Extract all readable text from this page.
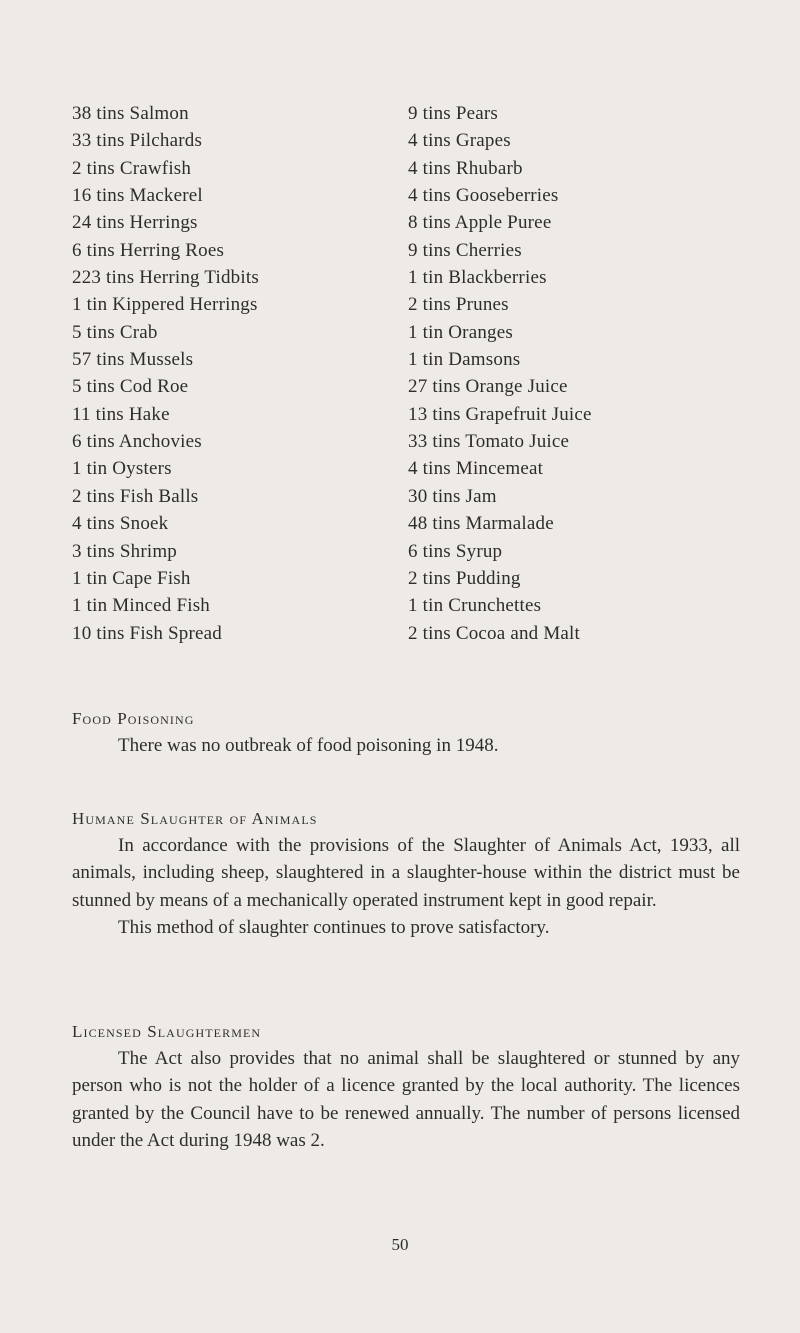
38 tins Salmon
33 tins Pilchards
2 tins Crawfish
16 tins Mackerel
24 tins Herrings
6 tins Herring Roes
223 tins Herring Tidbits
1 tin Kippered Herrings
5 tins Crab
57 tins Mussels
5 tins Cod Roe
11 tins Hake
6 tins Anchovies
1 tin Oysters
2 tins Fish Balls
4 tins Snoek
3 tins Shrimp
1 tin Cape Fish
1 tin Minced Fish
10 tins Fish Spread
9 tins Pears
4 tins Grapes
4 tins Rhubarb
4 tins Gooseberries
8 tins Apple Puree
9 tins Cherries
1 tin Blackberries
2 tins Prunes
1 tin Oranges
1 tin Damsons
27 tins Orange Juice
13 tins Grapefruit Juice
33 tins Tomato Juice
4 tins Mincemeat
30 tins Jam
48 tins Marmalade
6 tins Syrup
2 tins Pudding
1 tin Crunchettes
2 tins Cocoa and Malt
Food Poisoning

There was no outbreak of food poisoning in 1948.

Humane Slaughter of Animals

In accordance with the provisions of the Slaughter of Animals Act, 1933, all animals, including sheep, slaughtered in a slaughter-house within the district must be stunned by means of a mechanically operated instrument kept in good repair.

This method of slaughter continues to prove satisfactory.

Licensed Slaughtermen

The Act also provides that no animal shall be slaughtered or stunned by any person who is not the holder of a licence granted by the local authority. The licences granted by the Council have to be renewed annually. The number of persons licensed under the Act during 1948 was 2.

50
